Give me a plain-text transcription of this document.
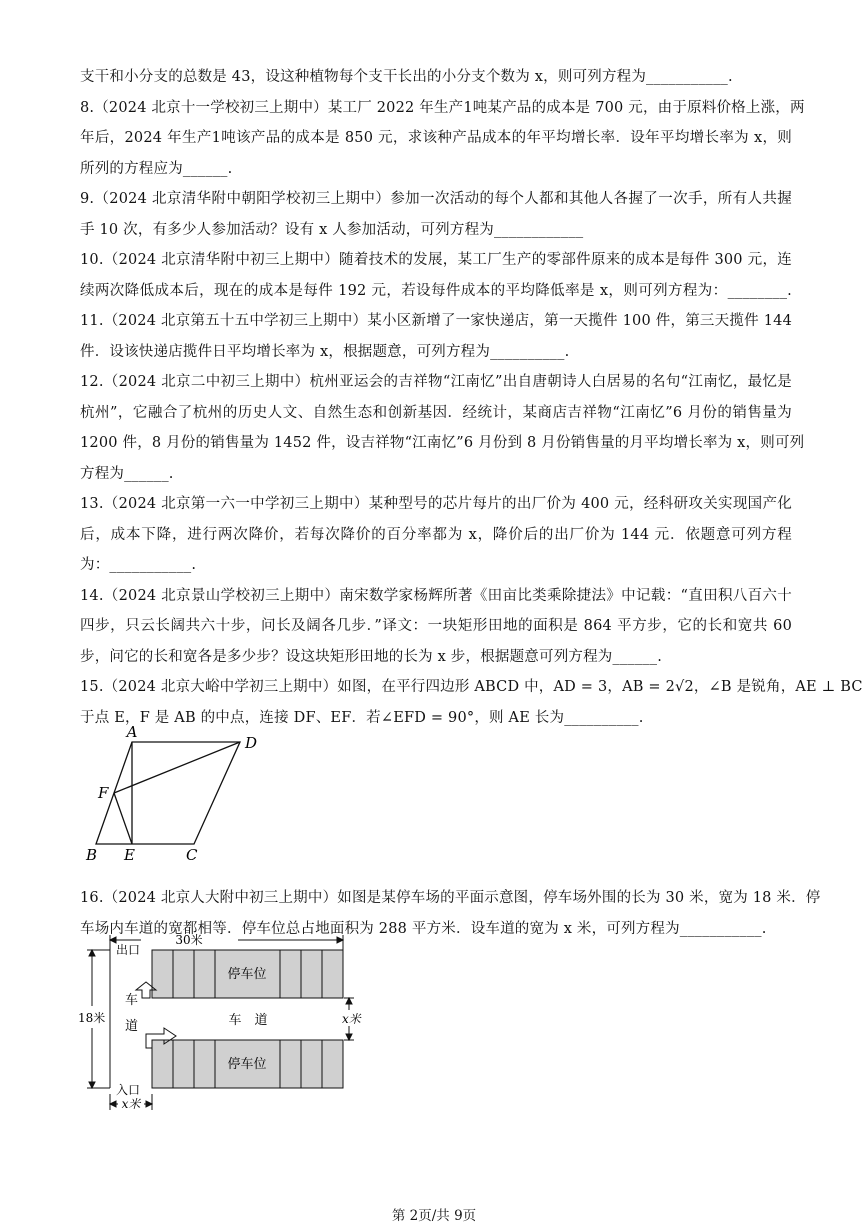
支干和小分支的总数是 43，设这种植物每个支干长出的小分支个数为 x，则可列方程为___________.
8.（2024 北京十一学校初三上期中）某工厂 2022 年生产1吨某产品的成本是 700 元，由于原料价格上涨，两
年后，2024 年生产1吨该产品的成本是 850 元，求该种产品成本的年平均增长率．设年平均增长率为 x，则
所列的方程应为______.
9.（2024 北京清华附中朝阳学校初三上期中）参加一次活动的每个人都和其他人各握了一次手，所有人共握
手 10 次，有多少人参加活动？设有 x 人参加活动，可列方程为____________
10.（2024 北京清华附中初三上期中）随着技术的发展，某工厂生产的零部件原来的成本是每件 300 元，连
续两次降低成本后，现在的成本是每件 192 元，若设每件成本的平均降低率是 x，则可列方程为：________.
11.（2024 北京第五十五中学初三上期中）某小区新增了一家快递店，第一天揽件 100 件，第三天揽件 144
件．设该快递店揽件日平均增长率为 x，根据题意，可列方程为__________.
12.（2024 北京二中初三上期中）杭州亚运会的吉祥物“江南忆”出自唐朝诗人白居易的名句“江南忆，最忆是
杭州”，它融合了杭州的历史人文、自然生态和创新基因．经统计，某商店吉祥物“江南忆”6 月份的销售量为
1200 件，8 月份的销售量为 1452 件，设吉祥物“江南忆”6 月份到 8 月份销售量的月平均增长率为 x，则可列
方程为______.
13.（2024 北京第一六一中学初三上期中）某种型号的芯片每片的出厂价为 400 元，经科研攻关实现国产化
后，成本下降，进行两次降价，若每次降价的百分率都为 x，降价后的出厂价为 144 元．依题意可列方程
为：___________.
14.（2024 北京景山学校初三上期中）南宋数学家杨辉所著《田亩比类乘除捷法》中记载：“直田积八百六十
四步，只云长阔共六十步，问长及阔各几步．”译文：一块矩形田地的面积是 864 平方步，它的长和宽共 60
步，问它的长和宽各是多少步？设这块矩形田地的长为 x 步，根据题意可列方程为______.
15.（2024 北京大峪中学初三上期中）如图，在平行四边形 ABCD 中，AD = 3，AB = 2√2，∠B 是锐角，AE ⊥ BC
于点 E，F 是 AB 的中点，连接 DF、EF．若∠EFD = 90°，则 AE 长为__________.
16.（2024 北京人大附中初三上期中）如图是某停车场的平面示意图，停车场外围的长为 30 米，宽为 18 米．停
车场内车道的宽都相等．停车位总占地面积为 288 平方米．设车道的宽为 x 米，可列方程为___________.
A
D
F
B E	C
停车位
停车位
出口
入口
30米
18米	x米
x米
车
道	车　道
第 2页/共 9页
